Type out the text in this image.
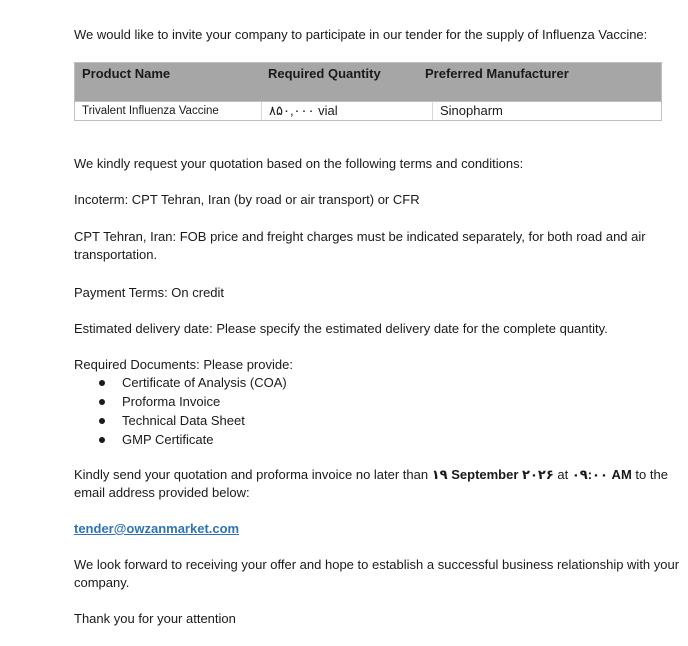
We would like to invite your company to participate in our tender for the supply of Influenza Vaccine:
Product Name	Required Quantity	Preferred Manufacturer
Trivalent Influenza Vaccine	۸۵۰,۰۰۰ vial	Sinopharm
We kindly request your quotation based on the following terms and conditions:
Incoterm: CPT Tehran, Iran (by road or air transport) or CFR
CPT Tehran, Iran: FOB price and freight charges must be indicated separately, for both road and air transportation.
Payment Terms: On credit
Estimated delivery date: Please specify the estimated delivery date for the complete quantity.
Required Documents: Please provide:
Certificate of Analysis (COA)
Proforma Invoice
Technical Data Sheet
GMP Certificate
Kindly send your quotation and proforma invoice no later than ۱۹ September ۲۰۲۶ at ۰۹:۰۰ AM to the email address provided below:
tender@owzanmarket.com
We look forward to receiving your offer and hope to establish a successful business relationship with your company.
Thank you for your attention
